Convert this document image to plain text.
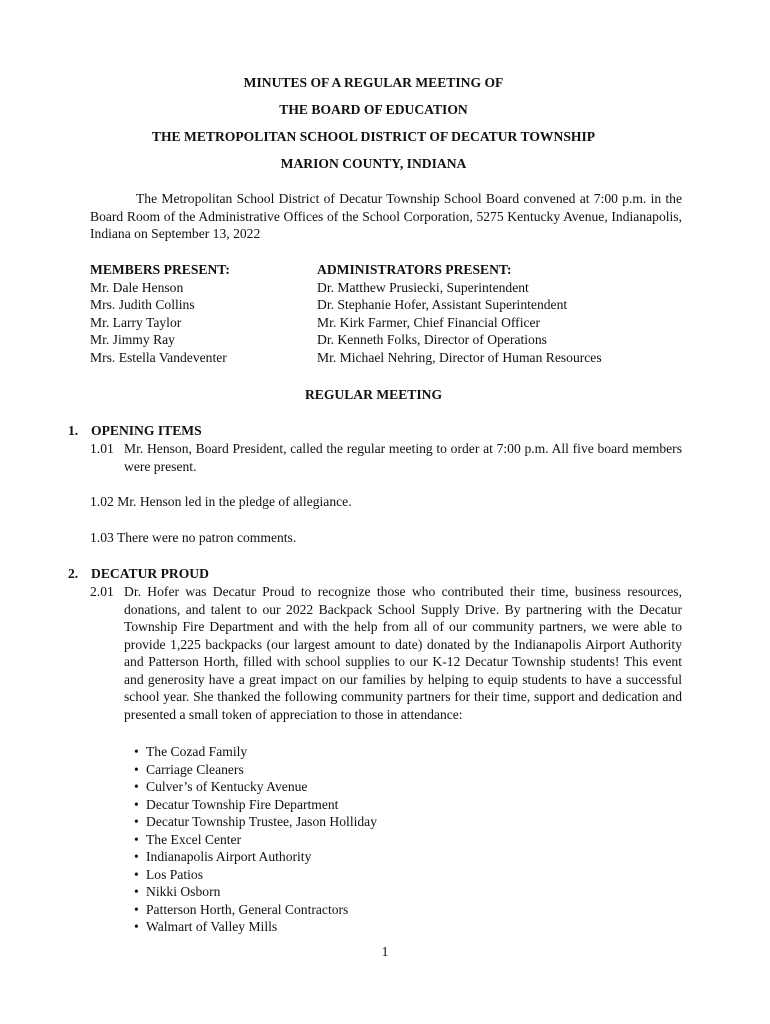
MINUTES OF A REGULAR MEETING OF
THE BOARD OF EDUCATION
THE METROPOLITAN SCHOOL DISTRICT OF DECATUR TOWNSHIP
MARION COUNTY, INDIANA
The Metropolitan School District of Decatur Township School Board convened at 7:00 p.m. in the Board Room of the Administrative Offices of the School Corporation, 5275 Kentucky Avenue, Indianapolis, Indiana on September 13, 2022
MEMBERS PRESENT:
Mr. Dale Henson
Mrs. Judith Collins
Mr. Larry Taylor
Mr. Jimmy Ray
Mrs. Estella Vandeventer
ADMINISTRATORS PRESENT:
Dr. Matthew Prusiecki, Superintendent
Dr. Stephanie Hofer, Assistant Superintendent
Mr. Kirk Farmer, Chief Financial Officer
Dr. Kenneth Folks, Director of Operations
Mr. Michael Nehring, Director of Human Resources
REGULAR MEETING
1. OPENING ITEMS
1.01 Mr. Henson, Board President, called the regular meeting to order at 7:00 p.m. All five board members were present.
1.02 Mr. Henson led in the pledge of allegiance.
1.03 There were no patron comments.
2. DECATUR PROUD
2.01 Dr. Hofer was Decatur Proud to recognize those who contributed their time, business resources, donations, and talent to our 2022 Backpack School Supply Drive. By partnering with the Decatur Township Fire Department and with the help from all of our community partners, we were able to provide 1,225 backpacks (our largest amount to date) donated by the Indianapolis Airport Authority and Patterson Horth, filled with school supplies to our K-12 Decatur Township students! This event and generosity have a great impact on our families by helping to equip students to have a successful school year. She thanked the following community partners for their time, support and dedication and presented a small token of appreciation to those in attendance:
• The Cozad Family
• Carriage Cleaners
• Culver’s of Kentucky Avenue
• Decatur Township Fire Department
• Decatur Township Trustee, Jason Holliday
• The Excel Center
• Indianapolis Airport Authority
• Los Patios
• Nikki Osborn
• Patterson Horth, General Contractors
• Walmart of Valley Mills
1
